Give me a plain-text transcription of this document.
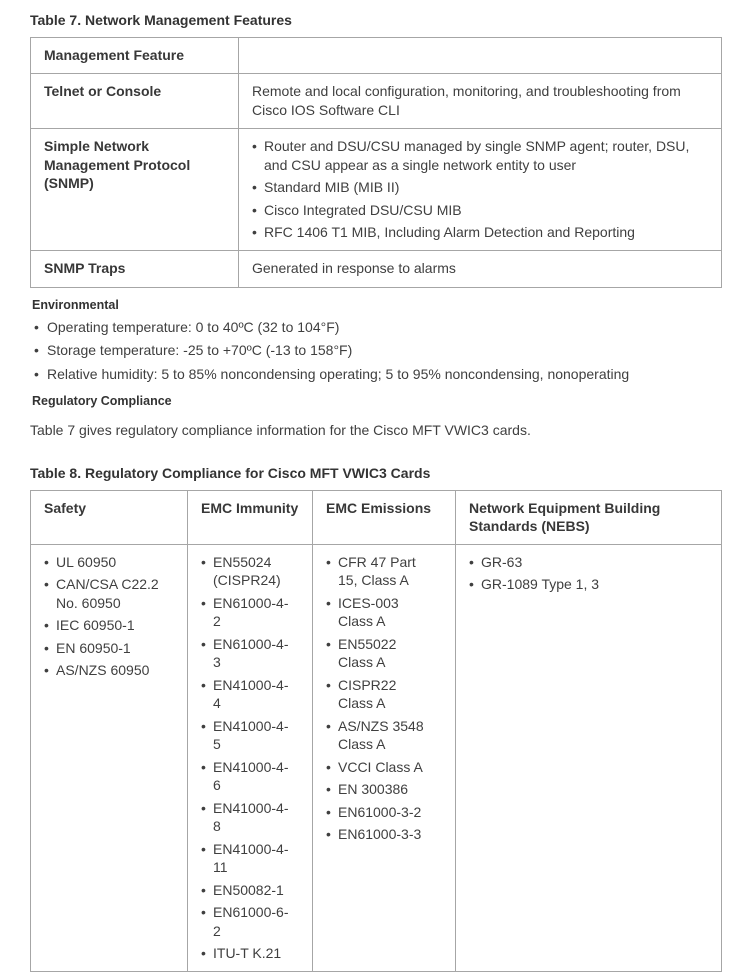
Table 7. Network Management Features
Management Feature	
Telnet or Console	Remote and local configuration, monitoring, and troubleshooting from Cisco IOS Software CLI
Simple Network Management Protocol (SNMP)	• Router and DSU/CSU managed by single SNMP agent; router, DSU, and CSU appear as a single network entity to user
• Standard MIB (MIB II)
• Cisco Integrated DSU/CSU MIB
• RFC 1406 T1 MIB, Including Alarm Detection and Reporting

SNMP Traps	Generated in response to alarms
Environmental
• Operating temperature: 0 to 40ºC (32 to 104°F)
• Storage temperature: -25 to +70ºC (-13 to 158°F)
• Relative humidity: 5 to 85% noncondensing operating; 5 to 95% noncondensing, nonoperating
Regulatory Compliance

Table 7 gives regulatory compliance information for the Cisco MFT VWIC3 cards.

Table 8. Regulatory Compliance for Cisco MFT VWIC3 Cards
Safety	EMC Immunity	EMC Emissions	Network Equipment Building Standards (NEBS)

• UL 60950
• CAN/CSA C22.2 No. 60950
• IEC 60950-1
• EN 60950-1
• AS/NZS 60950

• EN55024 (CISPR24)
• EN61000-4-2
• EN61000-4-3
• EN41000-4-4
• EN41000-4-5
• EN41000-4-6
• EN41000-4-8
• EN41000-4-11
• EN50082-1
• EN61000-6-2
• ITU-T K.21

• CFR 47 Part 15, Class A
• ICES-003 Class A
• EN55022 Class A
• CISPR22 Class A
• AS/NZS 3548 Class A
• VCCI Class A
• EN 300386
• EN61000-3-2
• EN61000-3-3

• GR-63
• GR-1089 Type 1, 3
